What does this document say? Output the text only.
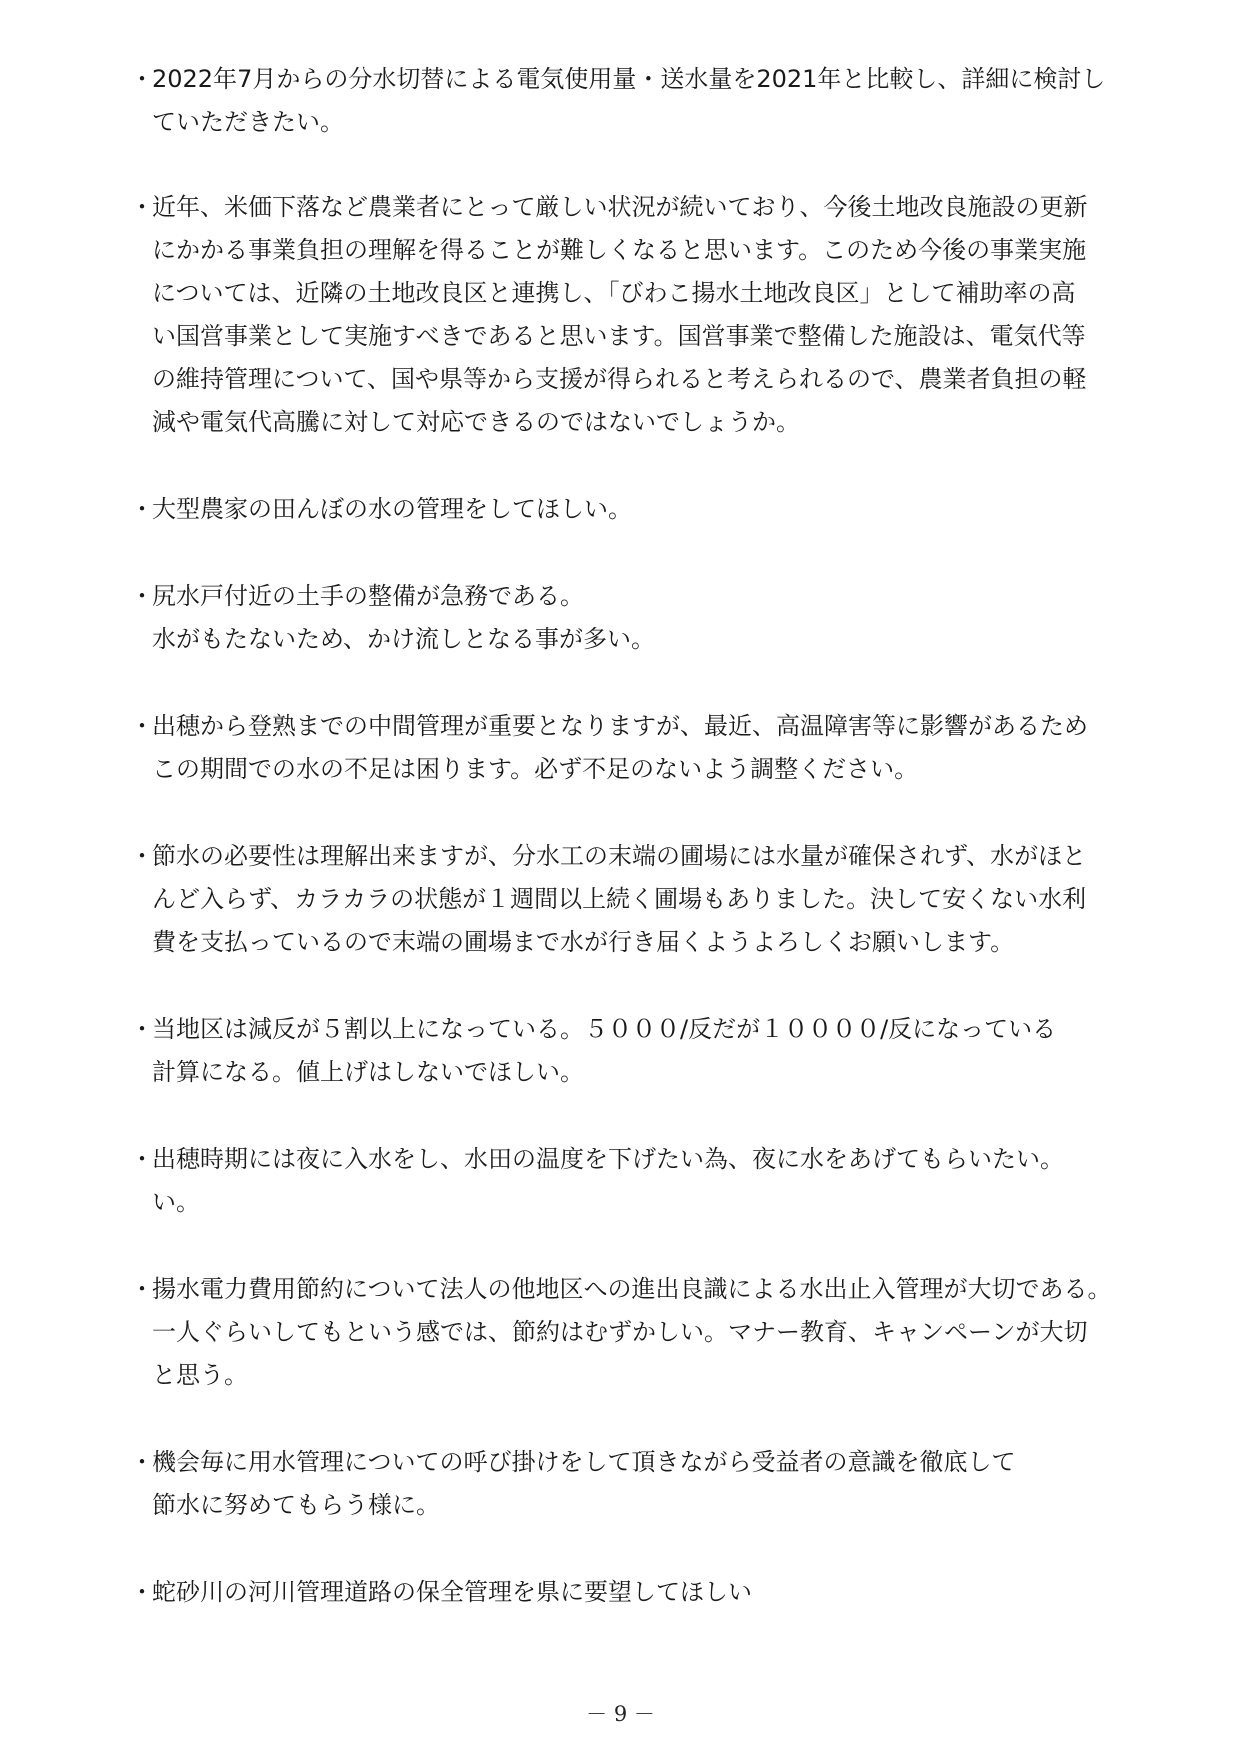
・
2022年7月からの分水切替による電気使用量・送水量を2021年と比較し、詳細に検討し
ていただきたい。
・
近年、米価下落など農業者にとって厳しい状況が続いており、今後土地改良施設の更新
にかかる事業負担の理解を得ることが難しくなると思います。このため今後の事業実施
については、近隣の土地改良区と連携し、「びわこ揚水土地改良区」として補助率の高
い国営事業として実施すべきであると思います。国営事業で整備した施設は、電気代等
の維持管理について、国や県等から支援が得られると考えられるので、農業者負担の軽
減や電気代高騰に対して対応できるのではないでしょうか。
・
大型農家の田んぼの水の管理をしてほしい。
・
尻水戸付近の土手の整備が急務である。
水がもたないため、かけ流しとなる事が多い。
・
出穂から登熟までの中間管理が重要となりますが、最近、高温障害等に影響があるため
この期間での水の不足は困ります。必ず不足のないよう調整ください。
・
節水の必要性は理解出来ますが、分水工の末端の圃場には水量が確保されず、水がほと
んど入らず、カラカラの状態が１週間以上続く圃場もありました。決して安くない水利
費を支払っているので末端の圃場まで水が行き届くようよろしくお願いします。
・
当地区は減反が５割以上になっている。５０００/反だが１００００/反になっている
計算になる。値上げはしないでほしい。
・
出穂時期には夜に入水をし、水田の温度を下げたい為、夜に水をあげてもらいたい。
い。
・
揚水電力費用節約について法人の他地区への進出良識による水出止入管理が大切である。
一人ぐらいしてもという感では、節約はむずかしい。マナー教育、キャンペーンが大切
と思う。
・
機会毎に用水管理についての呼び掛けをして頂きながら受益者の意識を徹底して
節水に努めてもらう様に。
・
蛇砂川の河川管理道路の保全管理を県に要望してほしい
－ 9 －
